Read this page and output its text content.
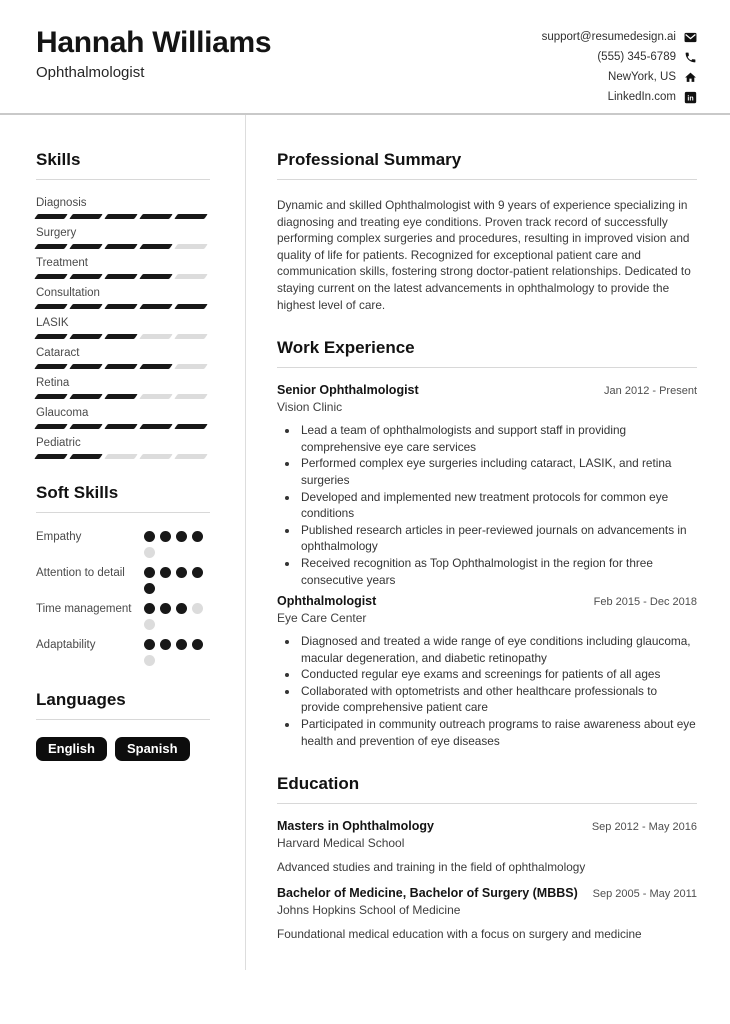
Hannah Williams
Ophthalmologist
support@resumedesign.ai
(555) 345-6789
NewYork, US
LinkedIn.com in
Skills
Diagnosis
Surgery
Treatment
Consultation
LASIK
Cataract
Retina
Glaucoma
Pediatric
Soft Skills
Empathy
Attention to detail
Time management
Adaptability
Languages
English	Spanish
Professional Summary

Dynamic and skilled Ophthalmologist with 9 years of experience specializing in diagnosing and treating eye conditions. Proven track record of successfully performing complex surgeries and procedures, resulting in improved vision and quality of life for patients. Recognized for exceptional patient care and communication skills, fostering strong doctor-patient relationships. Dedicated to staying current on the latest advancements in ophthalmology to provide the highest level of care.

Work Experience
Senior Ophthalmologist	Jan 2012 - Present
Vision Clinic
• Lead a team of ophthalmologists and support staff in providing comprehensive eye care services
• Performed complex eye surgeries including cataract, LASIK, and retina surgeries
• Developed and implemented new treatment protocols for common eye conditions
• Published research articles in peer-reviewed journals on advancements in ophthalmology
• Received recognition as Top Ophthalmologist in the region for three consecutive years
Ophthalmologist	Feb 2015 - Dec 2018
Eye Care Center
• Diagnosed and treated a wide range of eye conditions including glaucoma, macular degeneration, and diabetic retinopathy
• Conducted regular eye exams and screenings for patients of all ages
• Collaborated with optometrists and other healthcare professionals to provide comprehensive patient care
• Participated in community outreach programs to raise awareness about eye health and prevention of eye diseases
Education
Masters in Ophthalmology	Sep 2012 - May 2016
Harvard Medical School
Advanced studies and training in the field of ophthalmology
Bachelor of Medicine, Bachelor of Surgery (MBBS) Sep 2005 - May 2011
Johns Hopkins School of Medicine
Foundational medical education with a focus on surgery and medicine
